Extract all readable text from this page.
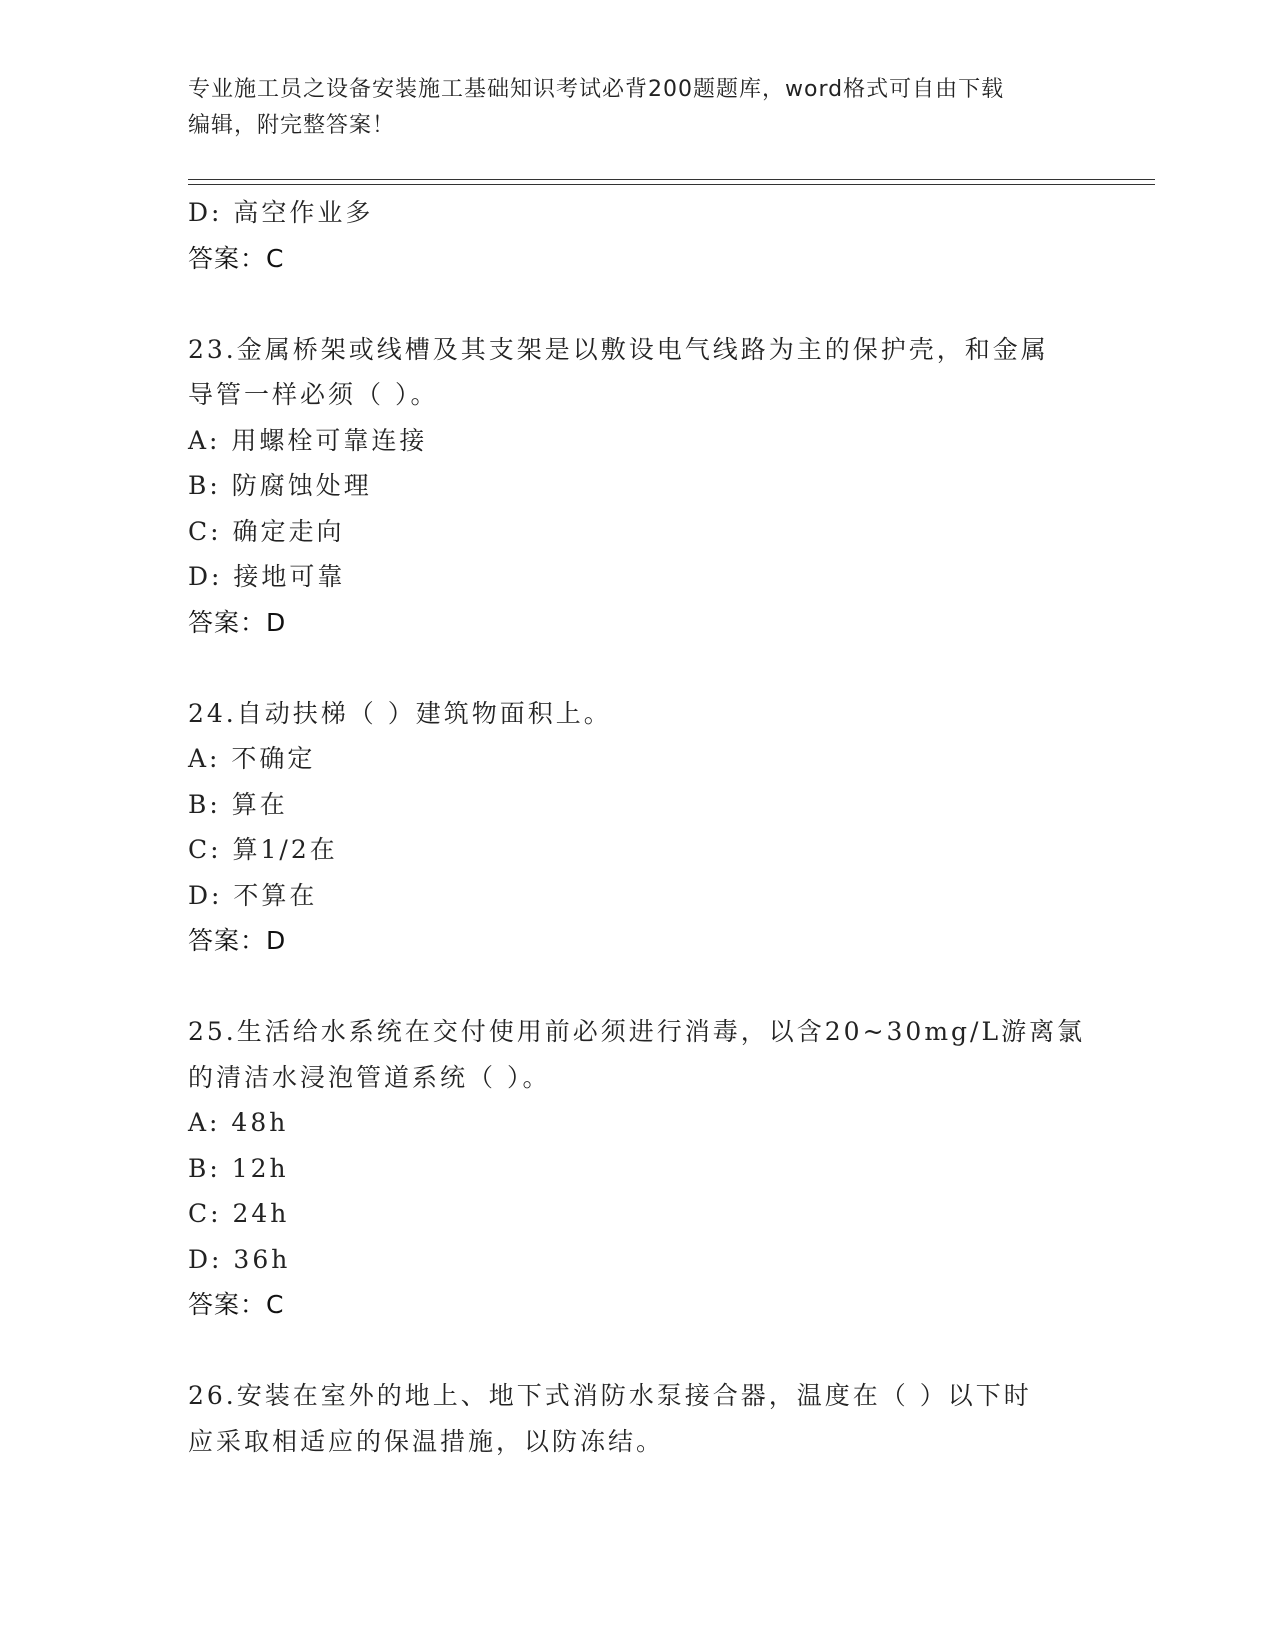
专业施工员之设备安装施工基础知识考试必背200题题库，word格式可自由下载
编辑，附完整答案！
D: 高空作业多
答案：C
23.金属桥架或线槽及其支架是以敷设电气线路为主的保护壳，和金属
导管一样必须（ ）。
A: 用螺栓可靠连接
B: 防腐蚀处理
C: 确定走向
D: 接地可靠
答案：D
24.自动扶梯（ ）建筑物面积上。
A: 不确定
B: 算在
C: 算1/2在
D: 不算在
答案：D
25.生活给水系统在交付使用前必须进行消毒，以含20~30mg/L游离氯
的清洁水浸泡管道系统（ ）。
A: 48h
B: 12h
C: 24h
D: 36h
答案：C
26.安装在室外的地上、地下式消防水泵接合器，温度在（ ）以下时
应采取相适应的保温措施，以防冻结。
